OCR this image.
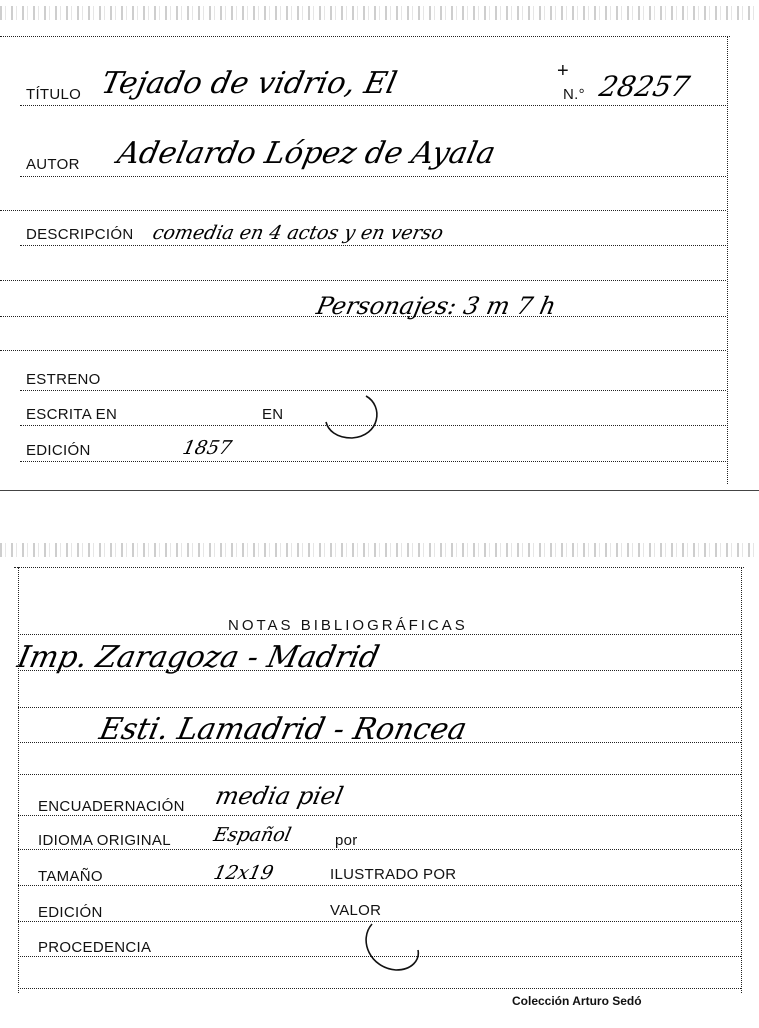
TÍTULO Tejado de vidrio, El	+
N.° 28257
AUTOR Adelardo López de Ayala
DESCRIPCIÓN comedia en 4 actos y en verso
Personajes: 3 m 7 h
ESTRENO
ESCRITA EN	EN
EDICIÓN	1857
NOTAS BIBLIOGRÁFICAS
Imp. Zaragoza - Madrid
Esti. Lamadrid - Roncea
ENCUADERNACIÓN media piel
IDIOMA ORIGINAL Español	por
TAMAÑO	12x19	ILUSTRADO POR
EDICIÓN	VALOR
PROCEDENCIA
Colección Arturo Sedó
